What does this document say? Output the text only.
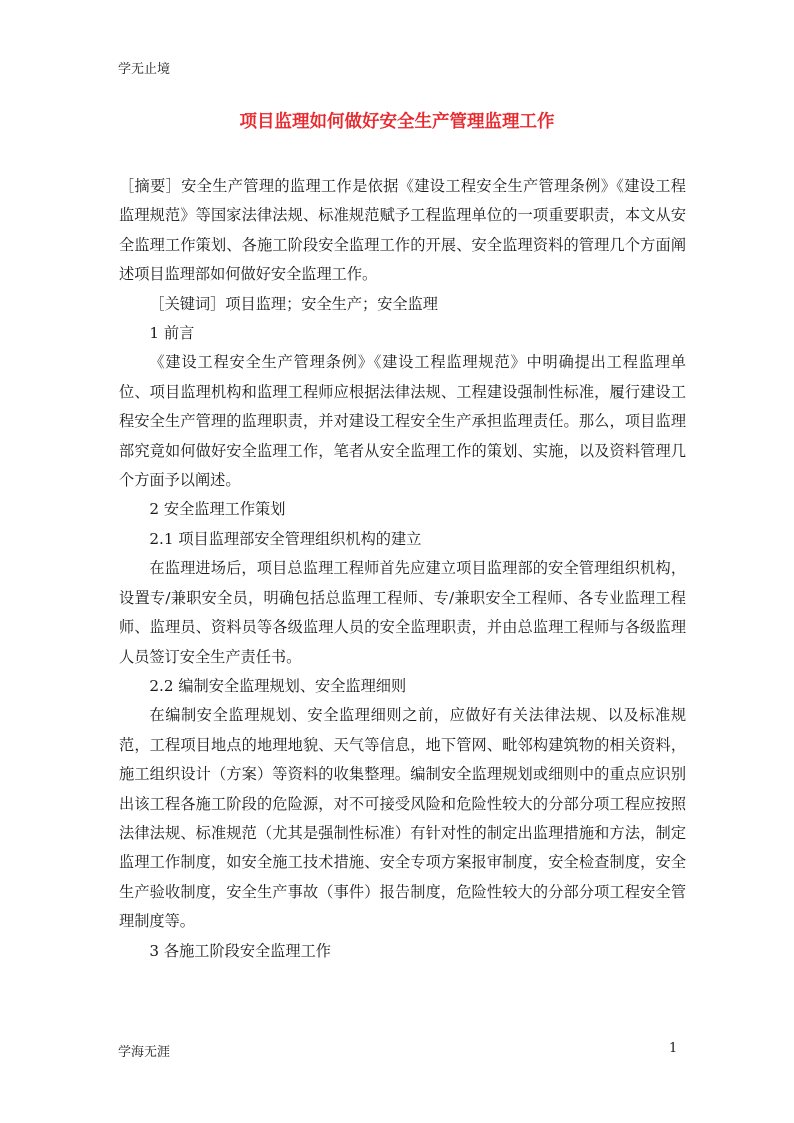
学无止境
项目监理如何做好安全生产管理监理工作

［摘要］安全生产管理的监理工作是依据《建设工程安全生产管理条例》《建设工程监理规范》等国家法律法规、标准规范赋予工程监理单位的一项重要职责，本文从安全监理工作策划、各施工阶段安全监理工作的开展、安全监理资料的管理几个方面阐述项目监理部如何做好安全监理工作。

［关键词］项目监理；安全生产；安全监理

1 前言

《建设工程安全生产管理条例》《建设工程监理规范》中明确提出工程监理单位、项目监理机构和监理工程师应根据法律法规、工程建设强制性标准，履行建设工程安全生产管理的监理职责，并对建设工程安全生产承担监理责任。那么，项目监理部究竟如何做好安全监理工作，笔者从安全监理工作的策划、实施，以及资料管理几个方面予以阐述。

2 安全监理工作策划

2.1 项目监理部安全管理组织机构的建立

在监理进场后，项目总监理工程师首先应建立项目监理部的安全管理组织机构，设置专/兼职安全员，明确包括总监理工程师、专/兼职安全工程师、各专业监理工程师、监理员、资料员等各级监理人员的安全监理职责，并由总监理工程师与各级监理人员签订安全生产责任书。

2.2 编制安全监理规划、安全监理细则

在编制安全监理规划、安全监理细则之前，应做好有关法律法规、以及标准规范，工程项目地点的地理地貌、天气等信息，地下管网、毗邻构建筑物的相关资料，施工组织设计（方案）等资料的收集整理。编制安全监理规划或细则中的重点应识别出该工程各施工阶段的危险源，对不可接受风险和危险性较大的分部分项工程应按照法律法规、标准规范（尤其是强制性标准）有针对性的制定出监理措施和方法，制定监理工作制度，如安全施工技术措施、安全专项方案报审制度，安全检查制度，安全生产验收制度，安全生产事故（事件）报告制度，危险性较大的分部分项工程安全管理制度等。

3 各施工阶段安全监理工作

学海无涯	1
